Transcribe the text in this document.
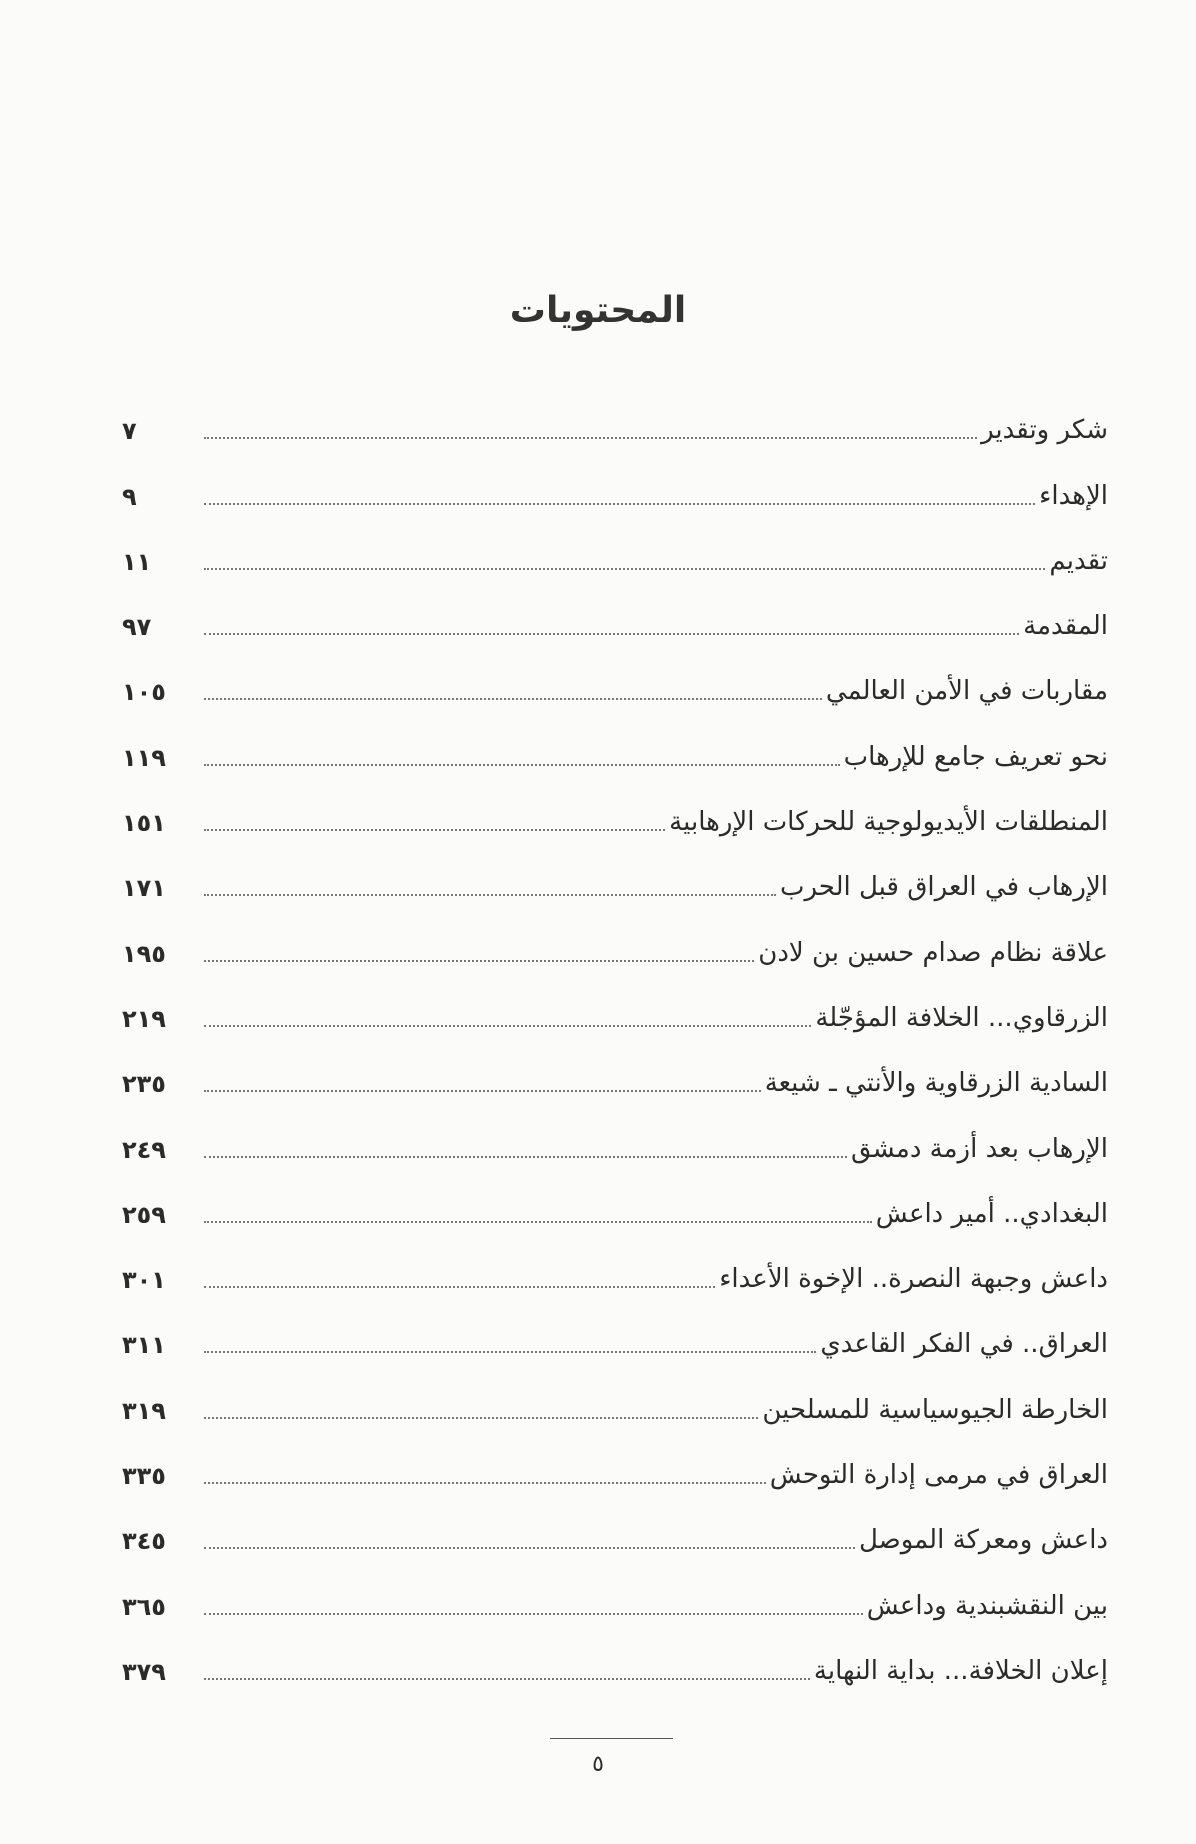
المحتويات
شكر وتقدير
٧
الإهداء
٩
تقديم
١١
المقدمة
٩٧
مقاربات في الأمن العالمي
١٠٥
نحو تعريف جامع للإرهاب
١١٩
المنطلقات الأيديولوجية للحركات الإرهابية
١٥١
الإرهاب في العراق قبل الحرب
١٧١
علاقة نظام صدام حسين بن لادن
١٩٥
الزرقاوي... الخلافة المؤجّلة
٢١٩
السادية الزرقاوية والأنتي ـ شيعة
٢٣٥
الإرهاب بعد أزمة دمشق
٢٤٩
البغدادي.. أمير داعش
٢٥٩
داعش وجبهة النصرة.. الإخوة الأعداء
٣٠١
العراق.. في الفكر القاعدي
٣١١
الخارطة الجيوسياسية للمسلحين
٣١٩
العراق في مرمى إدارة التوحش
٣٣٥
داعش ومعركة الموصل
٣٤٥
بين النقشبندية وداعش
٣٦٥
إعلان الخلافة... بداية النهاية
٣٧٩
٥
